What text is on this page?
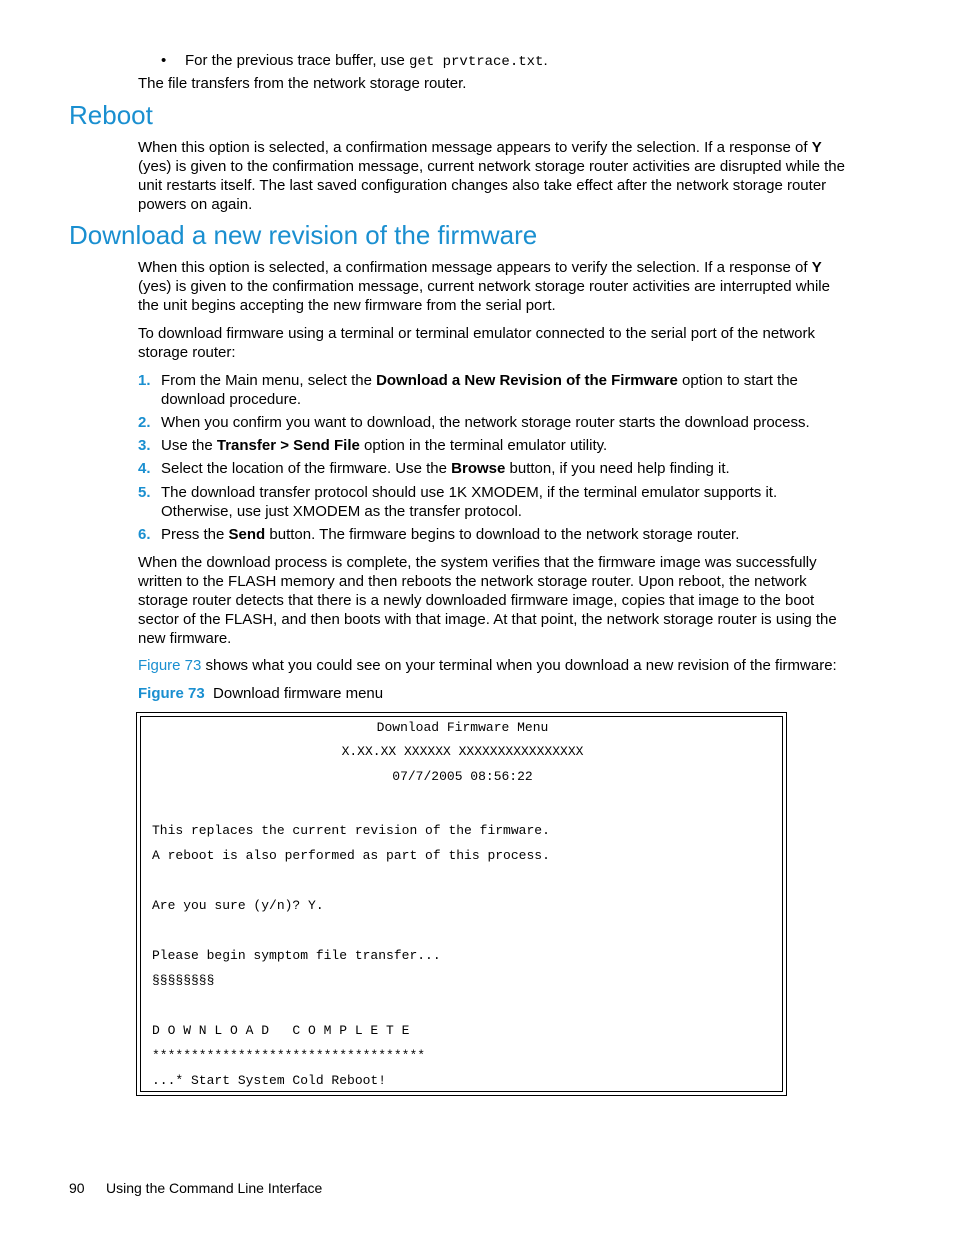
• For the previous trace buffer, use get prvtrace.txt.
The file transfers from the network storage router.
Reboot
When this option is selected, a confirmation message appears to verify the selection. If a response of Y
(yes) is given to the confirmation message, current network storage router activities are disrupted while the
unit restarts itself. The last saved configuration changes also take effect after the network storage router
powers on again.
Download a new revision of the firmware
When this option is selected, a confirmation message appears to verify the selection. If a response of Y
(yes) is given to the confirmation message, current network storage router activities are interrupted while
the unit begins accepting the new firmware from the serial port.
To download firmware using a terminal or terminal emulator connected to the serial port of the network
storage router:
1. From the Main menu, select the Download a New Revision of the Firmware option to start the
download procedure.
2. When you confirm you want to download, the network storage router starts the download process.
3. Use the Transfer > Send File option in the terminal emulator utility.
4. Select the location of the firmware. Use the Browse button, if you need help finding it.
5. The download transfer protocol should use 1K XMODEM, if the terminal emulator supports it.
Otherwise, use just XMODEM as the transfer protocol.
6. Press the Send button. The firmware begins to download to the network storage router.
When the download process is complete, the system verifies that the firmware image was successfully
written to the FLASH memory and then reboots the network storage router. Upon reboot, the network
storage router detects that there is a newly downloaded firmware image, copies that image to the boot
sector of the FLASH, and then boots with that image. At that point, the network storage router is using the
new firmware.
Figure 73 shows what you could see on your terminal when you download a new revision of the firmware:
Figure 73 Download firmware menu
Download Firmware Menu
X.XX.XX XXXXXX XXXXXXXXXXXXXXXX
07/7/2005 08:56:22
This replaces the current revision of the firmware.
A reboot is also performed as part of this process.
Are you sure (y/n)? Y.
Please begin symptom file transfer...
§§§§§§§§
D O W N L O A D   C O M P L E T E
***********************************
...* Start System Cold Reboot!
90 Using the Command Line Interface
